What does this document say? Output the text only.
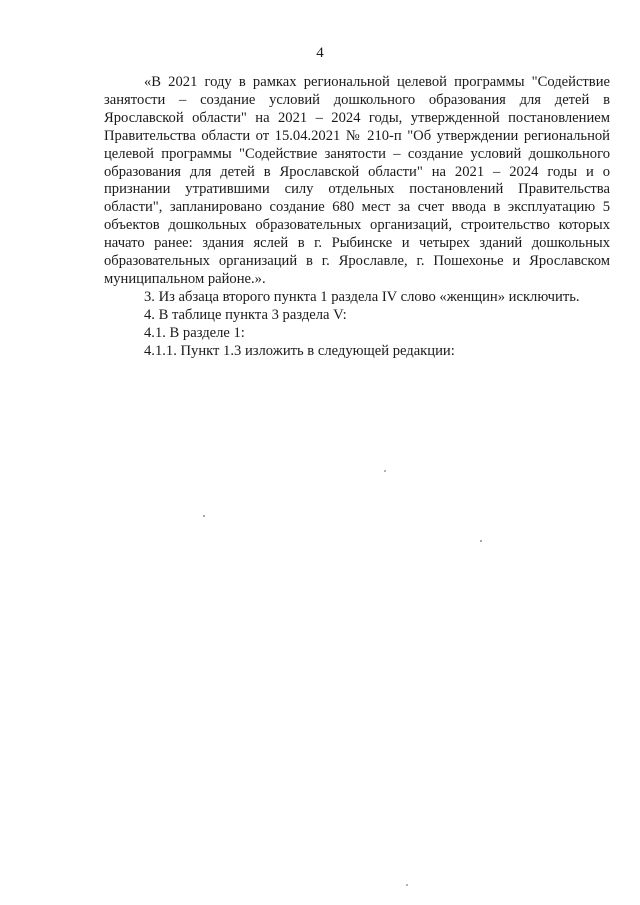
4

«В 2021 году в рамках региональной целевой программы "Содействие занятости – создание условий дошкольного образования для детей в Ярославской области" на 2021 – 2024 годы, утвержденной постановлением Правительства области от 15.04.2021 № 210-п "Об утверждении региональной целевой программы "Содействие занятости – создание условий дошкольного образования для детей в Ярославской области" на 2021 – 2024 годы и о признании утратившими силу отдельных постановлений Правительства области", запланировано создание 680 мест за счет ввода в эксплуатацию 5 объектов дошкольных образовательных организаций, строительство которых начато ранее: здания яслей в г. Рыбинске и четырех зданий дошкольных образовательных организаций в г. Ярославле, г. Пошехонье и Ярославском муниципальном районе.».

3. Из абзаца второго пункта 1 раздела IV слово «женщин» исключить.

4. В таблице пункта 3 раздела V:

4.1. В разделе 1:

4.1.1. Пункт 1.3 изложить в следующей редакции:
